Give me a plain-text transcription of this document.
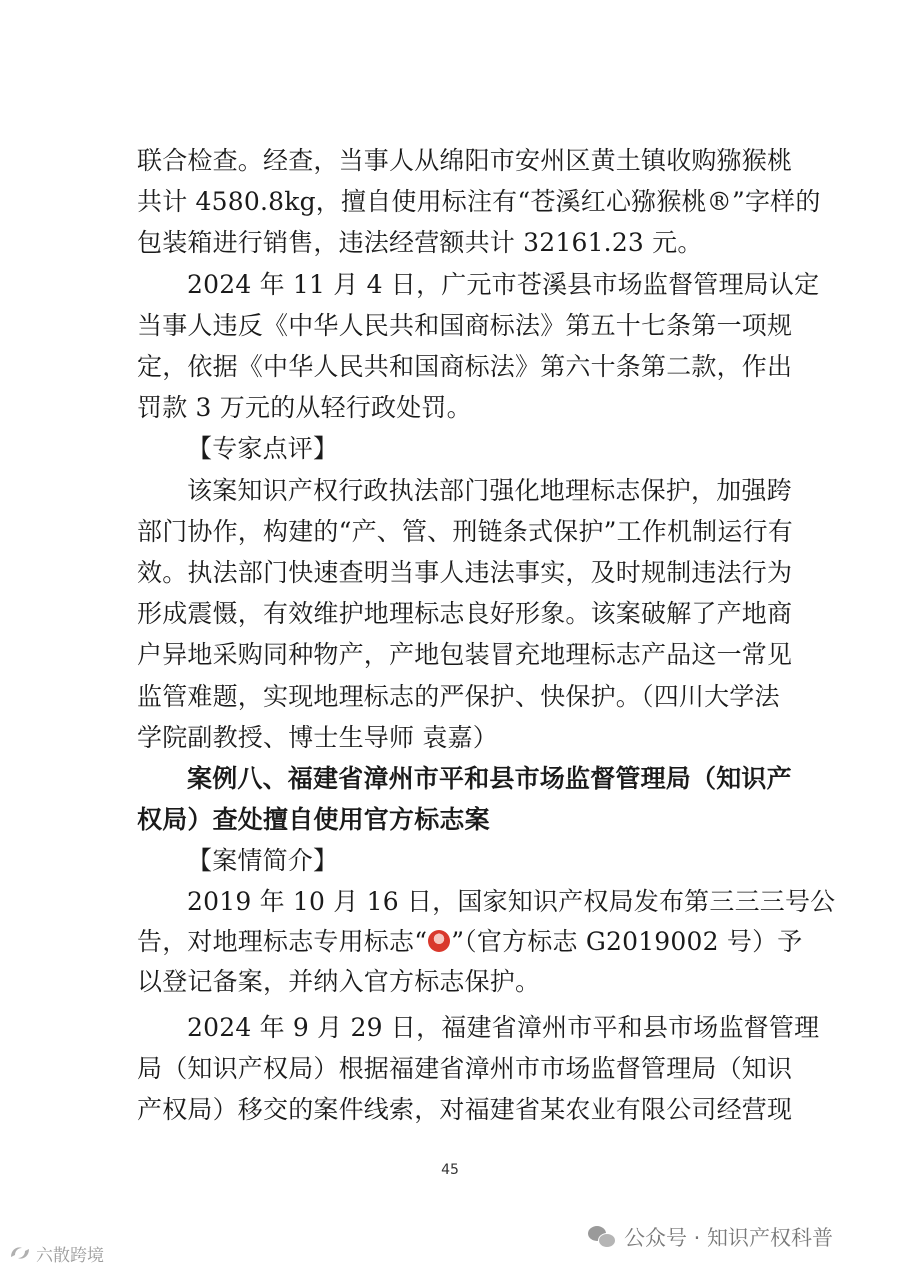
联合检查。经查，当事人从绵阳市安州区黄土镇收购猕猴桃
共计 4580.8kg，擅自使用标注有“苍溪红心猕猴桃®”字样的
包装箱进行销售，违法经营额共计 32161.23 元。
2024 年 11 月 4 日，广元市苍溪县市场监督管理局认定
当事人违反《中华人民共和国商标法》第五十七条第一项规
定，依据《中华人民共和国商标法》第六十条第二款，作出
罚款 3 万元的从轻行政处罚。
【专家点评】
该案知识产权行政执法部门强化地理标志保护，加强跨
部门协作，构建的“产、管、刑链条式保护”工作机制运行有
效。执法部门快速查明当事人违法事实，及时规制违法行为
形成震慑，有效维护地理标志良好形象。该案破解了产地商
户异地采购同种物产，产地包装冒充地理标志产品这一常见
监管难题，实现地理标志的严保护、快保护。（四川大学法
学院副教授、博士生导师 袁嘉）
案例八、福建省漳州市平和县市场监督管理局（知识产
权局）查处擅自使用官方标志案
【案情简介】
2019 年 10 月 16 日，国家知识产权局发布第三三三号公
告，对地理标志专用标志“ ”（官方标志 G2019002 号）予
以登记备案，并纳入官方标志保护。
2024 年 9 月 29 日，福建省漳州市平和县市场监督管理
局（知识产权局）根据福建省漳州市市场监督管理局（知识
产权局）移交的案件线索，对福建省某农业有限公司经营现
45
公众号 · 知识产权科普
六散跨境
